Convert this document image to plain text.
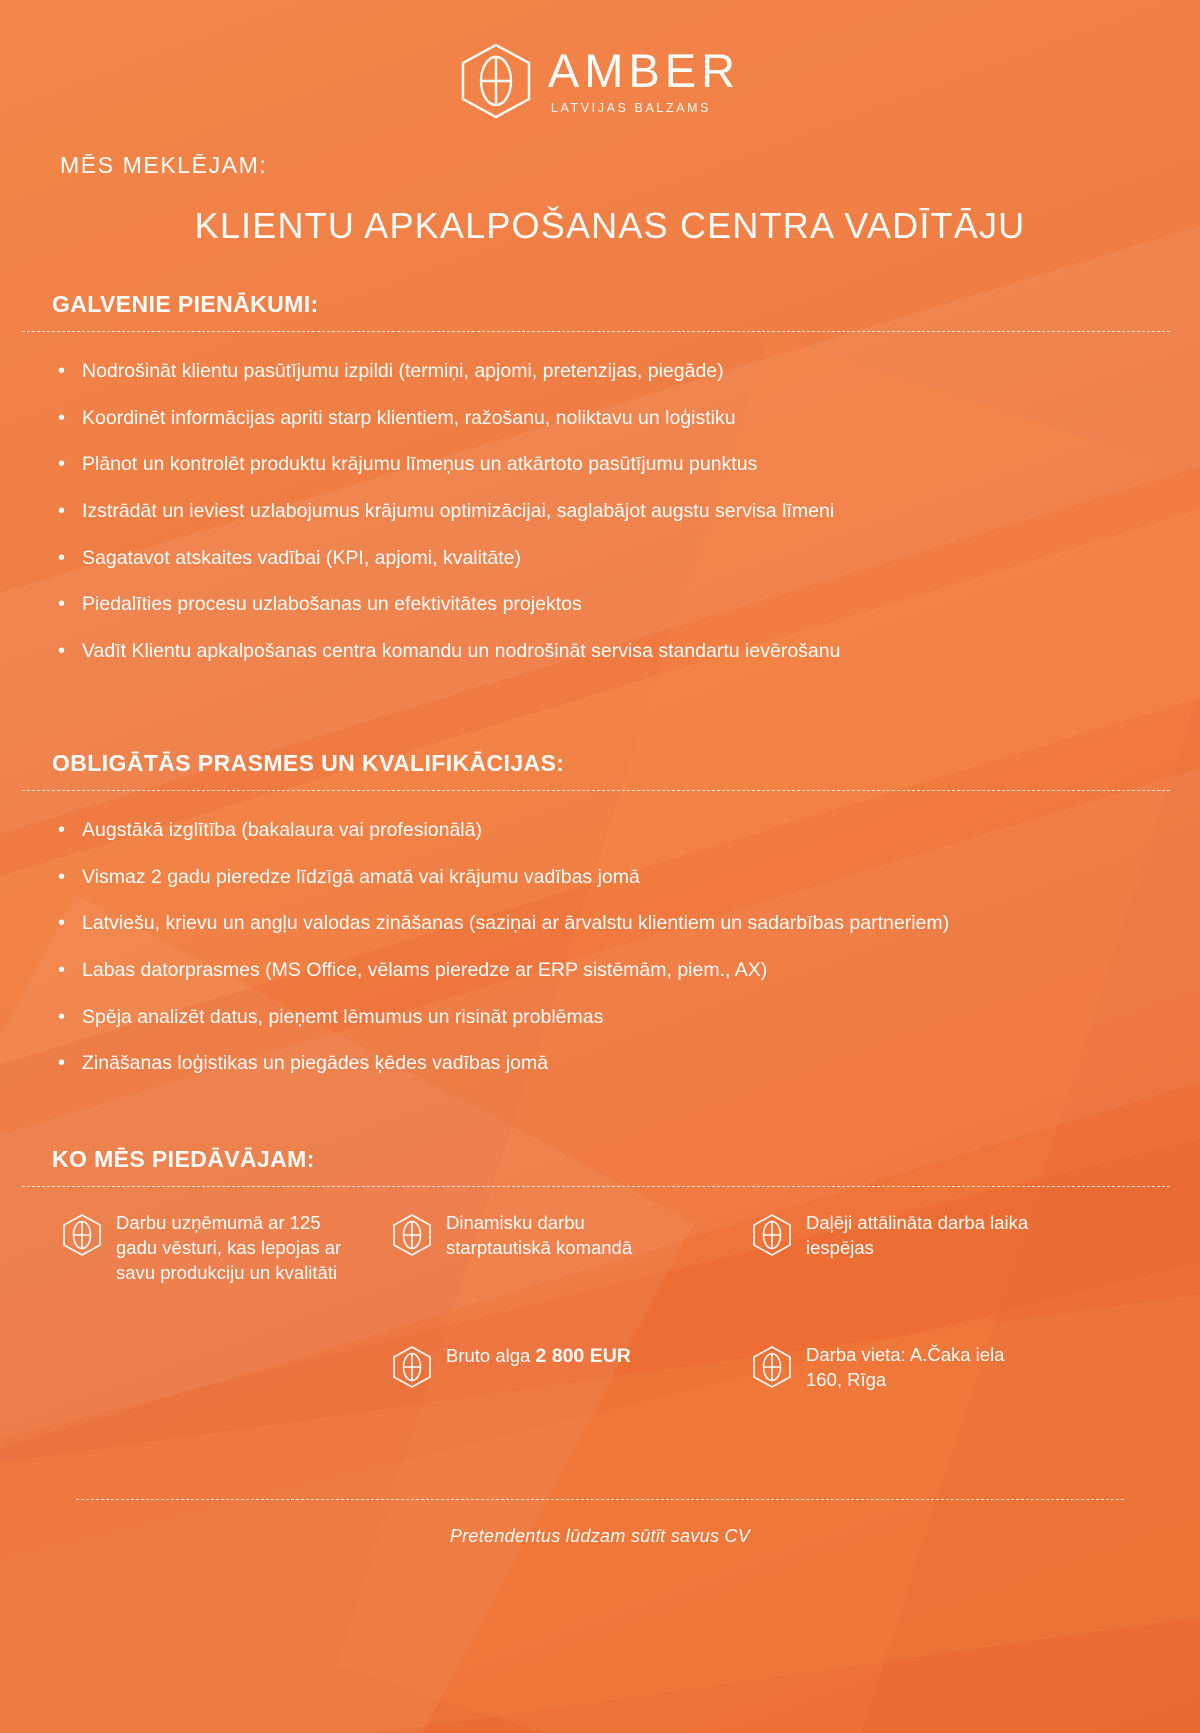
AMBER
LATVIJAS BALZAMS
MĒS MEKLĒJAM:
KLIENTU APKALPOŠANAS CENTRA VADĪTĀJU
GALVENIE PIENĀKUMI:
• Nodrošināt klientu pasūtījumu izpildi (termiņi, apjomi, pretenzijas, piegāde)
• Koordinēt informācijas apriti starp klientiem, ražošanu, noliktavu un loģistiku
• Plānot un kontrolēt produktu krājumu līmeņus un atkārtoto pasūtījumu punktus
• Izstrādāt un ieviest uzlabojumus krājumu optimizācijai, saglabājot augstu servisa līmeni
• Sagatavot atskaites vadībai (KPI, apjomi, kvalitāte)
• Piedalīties procesu uzlabošanas un efektivitātes projektos
• Vadīt Klientu apkalpošanas centra komandu un nodrošināt servisa standartu ievērošanu
OBLIGĀTĀS PRASMES UN KVALIFIKĀCIJAS:
• Augstākā izglītība (bakalaura vai profesionālā)
• Vismaz 2 gadu pieredze līdzīgā amatā vai krājumu vadības jomā
• Latviešu, krievu un angļu valodas zināšanas (saziņai ar ārvalstu klientiem un sadarbības partneriem)
• Labas datorprasmes (MS Office, vēlams pieredze ar ERP sistēmām, piem., AX)
• Spēja analizēt datus, pieņemt lēmumus un risināt problēmas
• Zināšanas loģistikas un piegādes ķēdes vadības jomā
KO MĒS PIEDĀVĀJAM:
Darbu uzņēmumā ar 125 gadu vēsturi, kas lepojas ar savu produkciju un kvalitāti
Dinamisku darbu starptautiskā komandā
Daļēji attālināta darba laika iespējas
Bruto alga 2 800 EUR	Darba vieta: A.Čaka iela 160, Rīga
Pretendentus lūdzam sūtīt savus CV
